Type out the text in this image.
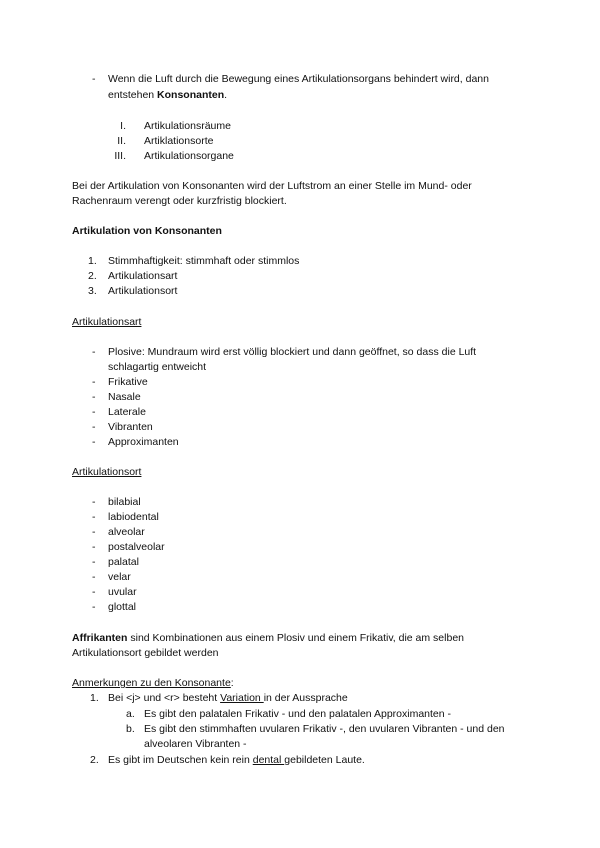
- Wenn die Luft durch die Bewegung eines Artikulationsorgans behindert wird, dann
entstehen Konsonanten.
I. Artikulationsräume
II. Artiklationsorte
III. Artikulationsorgane
Bei der Artikulation von Konsonanten wird der Luftstrom an einer Stelle im Mund- oder
Rachenraum verengt oder kurzfristig blockiert.
Artikulation von Konsonanten
1. Stimmhaftigkeit: stimmhaft oder stimmlos
2. Artikulationsart
3. Artikulationsort
Artikulationsart
- Plosive: Mundraum wird erst völlig blockiert und dann geöffnet, so dass die Luft
schlagartig entweicht
- Frikative
- Nasale
- Laterale
- Vibranten
- Approximanten
Artikulationsort
- bilabial
- labiodental
- alveolar
- postalveolar
- palatal
- velar
- uvular
- glottal
Affrikanten sind Kombinationen aus einem Plosiv und einem Frikativ, die am selben
Artikulationsort gebildet werden
Anmerkungen zu den Konsonante:
1. Bei <j> und <r> besteht Variation in der Aussprache
a. Es gibt den palatalen Frikativ - und den palatalen Approximanten -
b. Es gibt den stimmhaften uvularen Frikativ -, den uvularen Vibranten - und den
alveolaren Vibranten -
2. Es gibt im Deutschen kein rein dental gebildeten Laute.
